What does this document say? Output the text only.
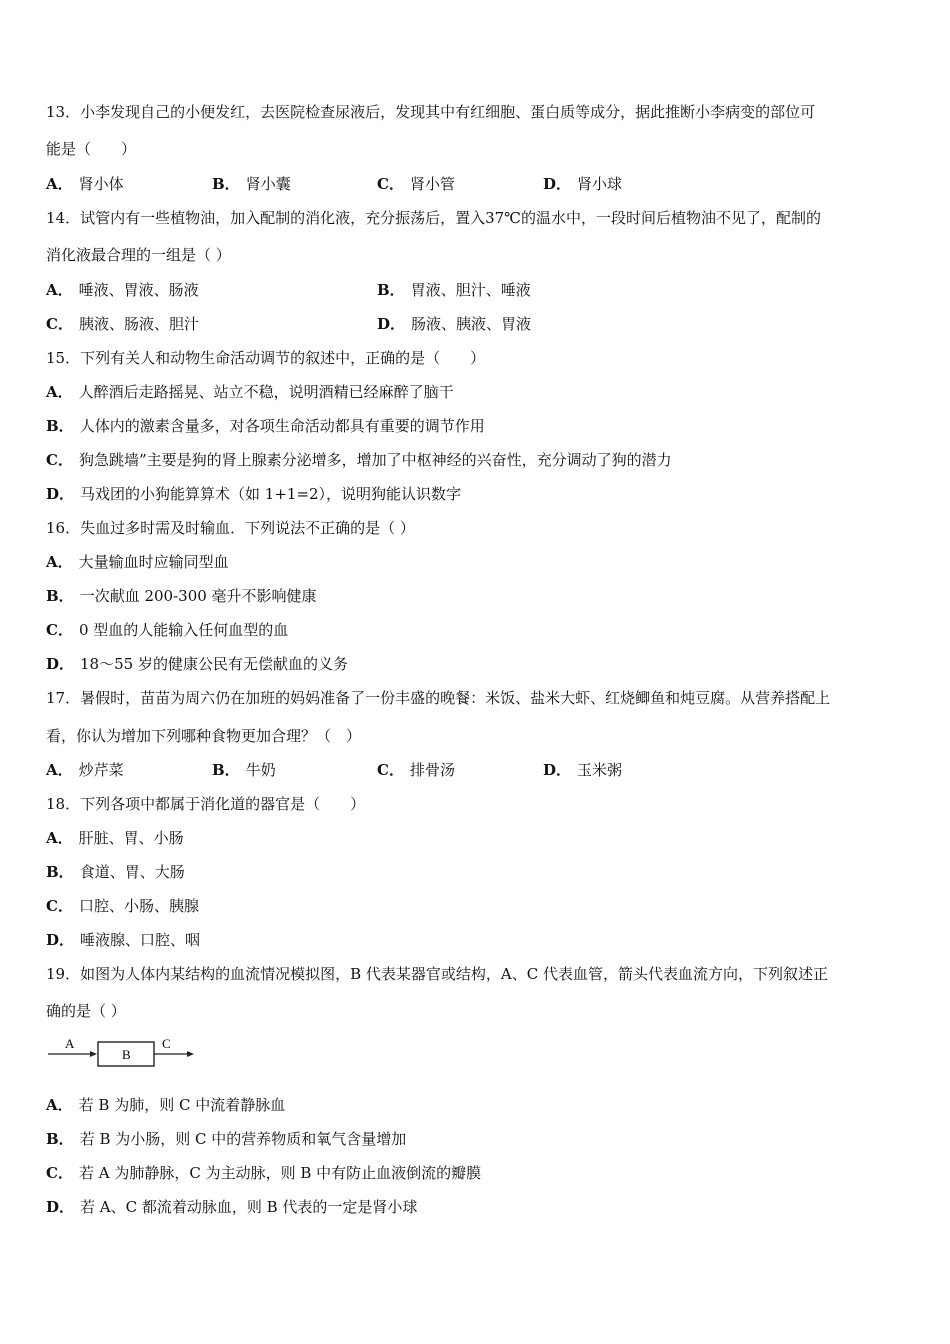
13．小李发现自己的小便发红，去医院检查尿液后，发现其中有红细胞、蛋白质等成分，据此推断小李病变的部位可
能是（　　）
A． 肾小体	B． 肾小囊	C． 肾小管	D． 肾小球
14．试管内有一些植物油，加入配制的消化液，充分振荡后，置入37℃的温水中，一段时间后植物油不见了，配制的
消化液最合理的一组是（ ）
A． 唾液、胃液、肠液	B． 胃液、胆汁、唾液
C． 胰液、肠液、胆汁	D． 肠液、胰液、胃液
15．下列有关人和动物生命活动调节的叙述中，正确的是（　　）
A． 人醉酒后走路摇晃、站立不稳，说明酒精已经麻醉了脑干
B． 人体内的激素含量多，对各项生命活动都具有重要的调节作用
C． 狗急跳墙”主要是狗的肾上腺素分泌增多，增加了中枢神经的兴奋性，充分调动了狗的潜力
D． 马戏团的小狗能算算术（如 1+1=2），说明狗能认识数字
16．失血过多时需及时输血．下列说法不正确的是（ ）
A． 大量输血时应输同型血
B． 一次献血 200-300 毫升不影响健康
C． 0 型血的人能输入任何血型的血
D． 18～55 岁的健康公民有无偿献血的义务
17．暑假时，苗苗为周六仍在加班的妈妈准备了一份丰盛的晚餐：米饭、盐米大虾、红烧鲫鱼和炖豆腐。从营养搭配上
看，你认为增加下列哪种食物更加合理？（　）
A． 炒芹菜	B． 牛奶	C． 排骨汤	D． 玉米粥
18．下列各项中都属于消化道的器官是（　　）
A． 肝脏、胃、小肠
B． 食道、胃、大肠
C． 口腔、小肠、胰腺
D． 唾液腺、口腔、咽
19．如图为人体内某结构的血流情况模拟图，B 代表某器官或结构，A、C 代表血管，箭头代表血流方向，下列叙述正
确的是（ ）
A
B
C
A． 若 B 为肺，则 C 中流着静脉血
B． 若 B 为小肠，则 C 中的营养物质和氧气含量增加
C． 若 A 为肺静脉，C 为主动脉，则 B 中有防止血液倒流的瓣膜
D． 若 A、C 都流着动脉血，则 B 代表的一定是肾小球
